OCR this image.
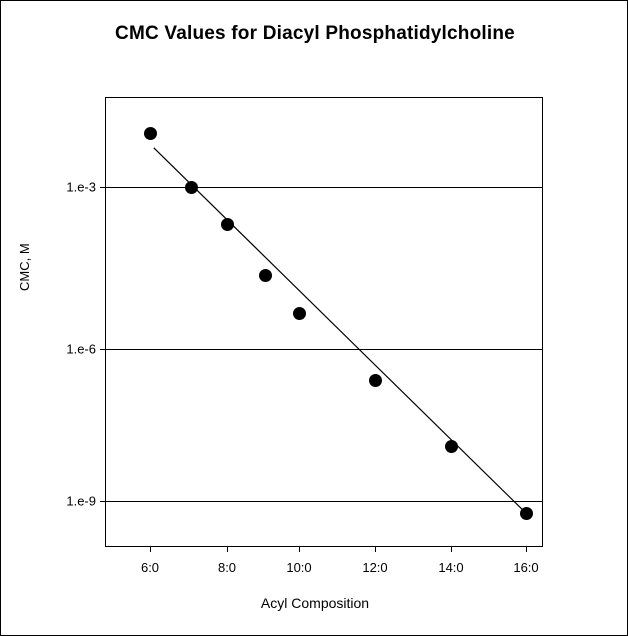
CMC Values for Diacyl Phosphatidylcholine
1.e-3
1.e-6
1.e-9
6:0	8:0	10:0	12:0	14:0	16:0
CMC, M
Acyl Composition
